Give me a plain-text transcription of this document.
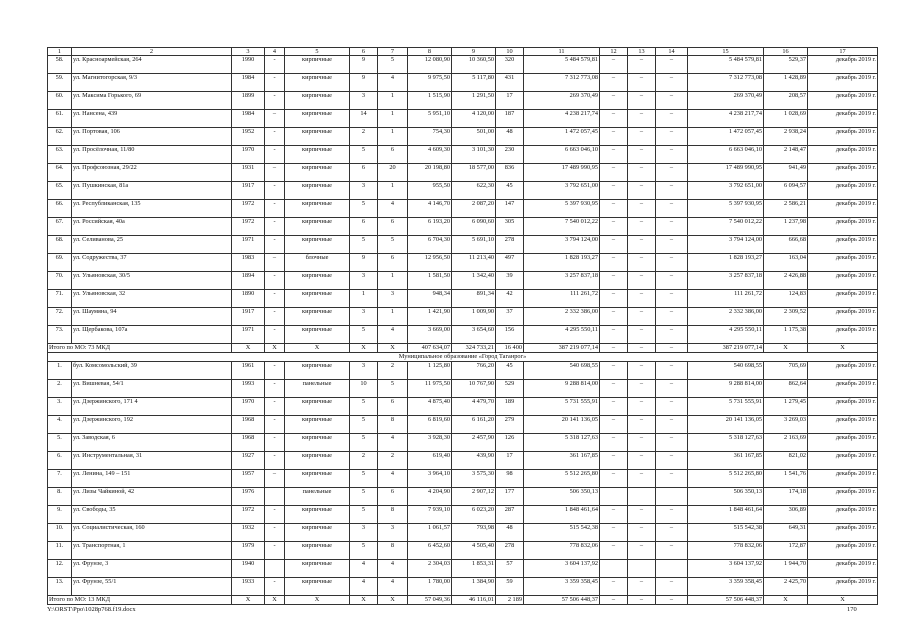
1	2	3	4	5	6	7	8	9	10	11	12	13	14	15	16	17
58.	ул. Красноармейская, 264	1990	-	кирпичные	9	5	12 080,90	10 360,50	320	5 484 579,81	–	–	–	5 484 579,81	529,37	декабрь 2019 г.
59.	ул. Магнитогорская, 9/3	1984	-	кирпичные	9	4	9 975,50	5 117,80	431	7 312 773,08	–	–	–	7 312 773,08	1 428,89	декабрь 2019 г.
60.	ул. Максима Горького, 69	1899	-	кирпичные	3	1	1 515,90	1 291,50	17	269 370,49	–	–	–	269 370,49	208,57	декабрь 2019 г.
61.	ул. Нансена, 439	1984	–	кирпичные	14	1	5 951,10	4 120,00	187	4 238 217,74	–	–	–	4 238 217,74	1 028,69	декабрь 2019 г.
62.	ул. Портовая, 106	1952	-	кирпичные	2	1	754,30	501,00	48	1 472 057,45	–	–	–	1 472 057,45	2 938,24	декабрь 2019 г.
63.	ул. Просёлочная, 11/80	1970	-	кирпичные	5	6	4 609,30	3 101,30	230	6 663 046,10	–	–	–	6 663 046,10	2 148,47	декабрь 2019 г.
64.	ул. Профсоюзная, 29/22	1931	–	кирпичные	6	20	20 198,80	18 577,00	836	17 489 990,95	–	–	–	17 489 990,95	941,49	декабрь 2019 г.
65.	ул. Пушкинская, 81а	1917	-	кирпичные	3	1	955,50	622,30	45	3 792 651,00	–	–	–	3 792 651,00	6 094,57	декабрь 2019 г.
66.	ул. Республиканская, 135	1972	-	кирпичные	5	4	4 146,70	2 087,20	147	5 397 930,95	–	–	–	5 397 930,95	2 586,21	декабрь 2019 г.
67.	ул. Российская, 40а	1972	-	кирпичные	6	6	6 193,20	6 090,60	305	7 540 012,22	–	–	–	7 540 012,22	1 237,98	декабрь 2019 г.
68.	ул. Селиванова, 25	1971	-	кирпичные	5	5	6 704,30	5 691,10	278	3 794 124,00	–	–	–	3 794 124,00	666,68	декабрь 2019 г.
69.	ул. Содружества, 37	1983	–	блочные	9	6	12 956,50	11 213,40	497	1 828 193,27	–	–	–	1 828 193,27	163,04	декабрь 2019 г.
70.	ул. Ульяновская, 30/5	1894	-	кирпичные	3	1	1 581,50	1 342,40	39	3 257 837,18	–	–	–	3 257 837,18	2 426,88	декабрь 2019 г.
71.	ул. Ульяновская, 32	1890	-	кирпичные	1	3	948,34	891,34	42	111 261,72	–	–	–	111 261,72	124,83	декабрь 2019 г.
72.	ул. Шаумяна, 94	1917	-	кирпичные	3	1	1 421,90	1 009,90	37	2 332 386,00	–	–	–	2 332 386,00	2 309,52	декабрь 2019 г.
73.	ул. Щербакова, 107а	1971	-	кирпичные	5	4	3 669,00	3 654,60	156	4 295 550,11	–	–	–	4 295 550,11	1 175,38	декабрь 2019 г.
Итого по МО: 73 МКД		X	X	X	X	X	407 634,07	324 733,21	16 400	387 219 077,14	–	–	–	387 219 077,14	X	X
Муниципальное образование «Город Таганрог»																
1.	бул. Комсомольский, 39	1961	-	кирпичные	3	2	1 125,80	766,20	45	540 698,55	–	–	–	540 698,55	705,69	декабрь 2019 г.
2.	ул. Вишневая, 54/1	1993	-	панельные	10	5	11 975,50	10 767,90	529	9 288 814,00	–	–	–	9 288 814,00	862,64	декабрь 2019 г.
3.	ул. Дзержинского, 171 4	1970	-	кирпичные	5	6	4 875,40	4 479,70	189	5 731 555,91	–	–	–	5 731 555,91	1 279,45	декабрь 2019 г.
4.	ул. Дзержинского, 192	1968	-	кирпичные	5	8	6 819,60	6 161,20	279	20 141 136,05	–	–	–	20 141 136,05	3 269,03	декабрь 2019 г.
5.	ул. Заводская, 6	1968	-	кирпичные	5	4	3 928,30	2 457,90	126	5 318 127,63	–	–	–	5 318 127,63	2 163,69	декабрь 2019 г.
6.	ул. Инструментальная, 31	1927	-	кирпичные	2	2	619,40	439,90	17	361 167,85	–	–	–	361 167,85	821,02	декабрь 2019 г.
7.	ул. Ленина, 149 – 151	1957	–	кирпичные	5	4	3 964,10	3 575,30	98	5 512 265,80	–	–	–	5 512 265,80	1 541,76	декабрь 2019 г.
8.	ул. Лизы Чайкиной, 42	1976		панельные	5	6	4 204,90	2 907,12	177	506 350,13				506 350,13	174,18	декабрь 2019 г.
9.	ул. Свободы, 35	1972	-	кирпичные	5	8	7 939,10	6 023,20	287	1 848 461,64	–	–	–	1 848 461,64	306,89	декабрь 2019 г.
10.	ул. Социалистическая, 160	1932	-	кирпичные	3	3	1 061,57	793,98	48	515 542,38	–	–	–	515 542,38	649,31	декабрь 2019 г.
11.	ул. Транспортная, 1	1979	-	кирпичные	5	8	6 452,60	4 505,40	278	778 832,06	–	–	–	778 832,06	172,87	декабрь 2019 г.
12.	ул. Фрунзе, 3	1940		кирпичные	4	4	2 304,03	1 853,31	57	3 604 137,92				3 604 137,92	1 944,70	декабрь 2019 г.
13.	ул. Фрунзе, 55/1	1933	-	кирпичные	4	4	1 780,00	1 384,90	59	3 359 358,45	–	–	–	3 359 358,45	2 425,70	декабрь 2019 г.
Итого по МО: 13 МКД		X	X	X	X	X	57 049,36	46 116,01	2 189	57 506 448,37	–	–	–	57 506 448,37	X	X
Y:\ORST\Ppo\1028p768.f19.docx	170
